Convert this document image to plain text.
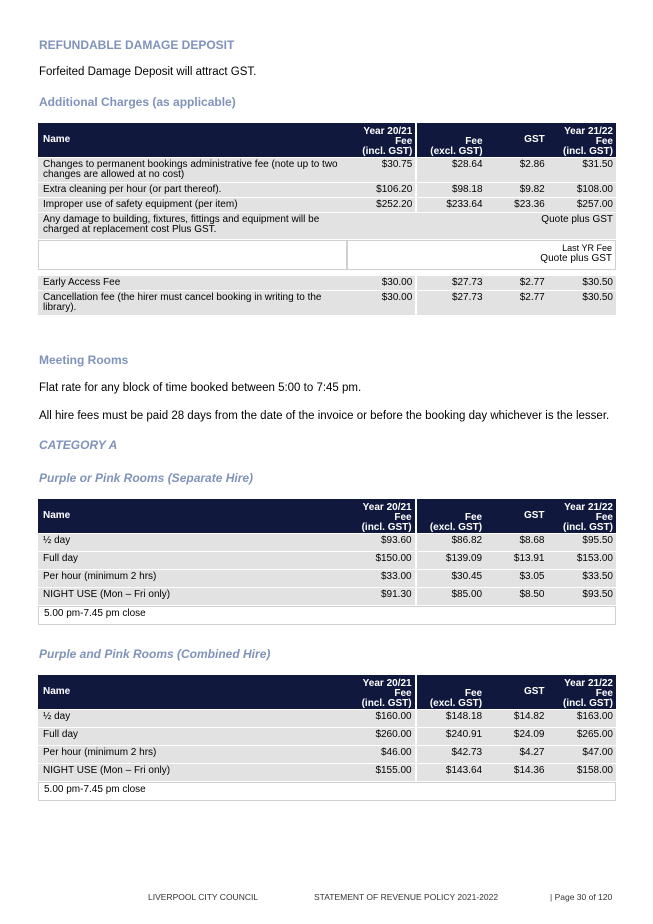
REFUNDABLE DAMAGE DEPOSIT
Forfeited Damage Deposit will attract GST.
Additional Charges (as applicable)
Name	Year 20/21
Fee
(incl. GST)	Fee
(excl. GST)	GST	Year 21/22
Fee
(incl. GST)
Changes to permanent bookings administrative fee (note up to two changes are allowed at no cost)	$30.75	$28.64	$2.86	$31.50
Extra cleaning per hour (or part thereof).	$106.20	$98.18	$9.82	$108.00
Improper use of safety equipment (per item)	$252.20	$233.64	$23.36	$257.00
Any damage to building, fixtures, fittings and equipment will be charged at replacement cost Plus GST.	Quote plus GST			
	Last YR Fee
Quote plus GST			

Early Access Fee	$30.00	$27.73	$2.77	$30.50
Cancellation fee (the hirer must cancel booking in writing to the library).	$30.00	$27.73	$2.77	$30.50
Meeting Rooms
Flat rate for any block of time booked between 5:00 to 7:45 pm.
All hire fees must be paid 28 days from the date of the invoice or before the booking day whichever is the lesser.
CATEGORY A
Purple or Pink Rooms (Separate Hire)
Name	Year 20/21
Fee
(incl. GST)	Fee
(excl. GST)	GST	Year 21/22
Fee
(incl. GST)
½ day	$93.60	$86.82	$8.68	$95.50
Full day	$150.00	$139.09	$13.91	$153.00
Per hour (minimum 2 hrs)	$33.00	$30.45	$3.05	$33.50
NIGHT USE (Mon – Fri only)	$91.30	$85.00	$8.50	$93.50
5.00 pm-7.45 pm close				
Purple and Pink Rooms (Combined Hire)
Name	Year 20/21
Fee
(incl. GST)	Fee
(excl. GST)	GST	Year 21/22
Fee
(incl. GST)
½ day	$160.00	$148.18	$14.82	$163.00
Full day	$260.00	$240.91	$24.09	$265.00
Per hour (minimum 2 hrs)	$46.00	$42.73	$4.27	$47.00
NIGHT USE (Mon – Fri only)	$155.00	$143.64	$14.36	$158.00
5.00 pm-7.45 pm close				
LIVERPOOL CITY COUNCIL	STATEMENT OF REVENUE POLICY 2021-2022	| Page 30 of 120
